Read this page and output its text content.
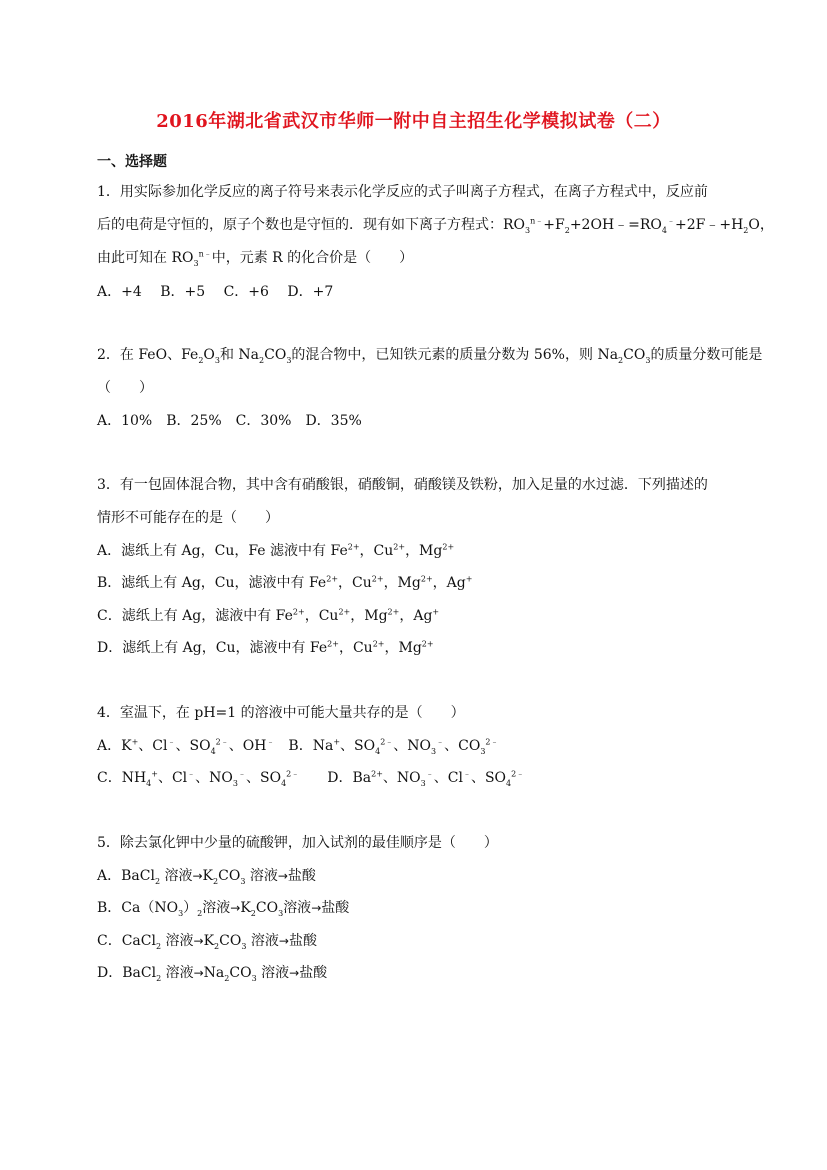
2016年湖北省武汉市华师一附中自主招生化学模拟试卷（二）
一、选择题
1．用实际参加化学反应的离子符号来表示化学反应的式子叫离子方程式，在离子方程式中，反应前
后的电荷是守恒的，原子个数也是守恒的．现有如下离子方程式：$RO_3^{n﹣}+F_2+2OH﹣=RO_4^﹣+2F﹣+H_2O$，
由此可知在 $RO_3^{n﹣}$中，元素 R 的化合价是（　　）
A．+4　 B．+5　 C．+6　 D．+7
2．在 FeO、$Fe_2O_3$和 $Na_2CO_3$的混合物中，已知铁元素的质量分数为 56%，则 $Na_2CO_3$的质量分数可能是
（　　）
A．10%　B．25%　C．30%　D．35%
3．有一包固体混合物，其中含有硝酸银，硝酸铜，硝酸镁及铁粉，加入足量的水过滤．下列描述的
情形不可能存在的是（　　）
A．滤纸上有 Ag，Cu，Fe 滤液中有 $Fe^{2+}$，$Cu^{2+}$，$Mg^{2+}$
B．滤纸上有 Ag，Cu，滤液中有 $Fe^{2+}$，$Cu^{2+}$，$Mg^{2+}$，Ag+
C．滤纸上有 Ag，滤液中有 $Fe^{2+}$，$Cu^{2+}$，$Mg^{2+}$，Ag+
D．滤纸上有 Ag，Cu，滤液中有 $Fe^{2+}$，$Cu^{2+}$，$Mg^{2+}$
4．室温下，在 pH=1 的溶液中可能大量共存的是（　　）
A．K+、Cl﹣、$SO_4^{2﹣}$、OH﹣　B．Na+、$SO_4^{2﹣}$、$NO_3^﹣$、$CO_3^{2﹣}$
C．$NH_4^+$、Cl﹣、$NO_3^﹣$、$SO_4^{2﹣}$　　D．$Ba^{2+}$、$NO_3^﹣$、Cl﹣、$SO_4^{2﹣}$
5．除去氯化钾中少量的硫酸钾，加入试剂的最佳顺序是（　　）
A．BaCl$_2$ 溶液$\to K_2CO_3$ 溶液→盐酸
B．$Ca(NO_3)_2$溶液$\to K_2CO_3$溶液→盐酸
C．CaCl$_2$ 溶液$\to K_2CO_3$ 溶液→盐酸
D．BaCl$_2$ 溶液$\to Na_2CO_3$ 溶液→盐酸
